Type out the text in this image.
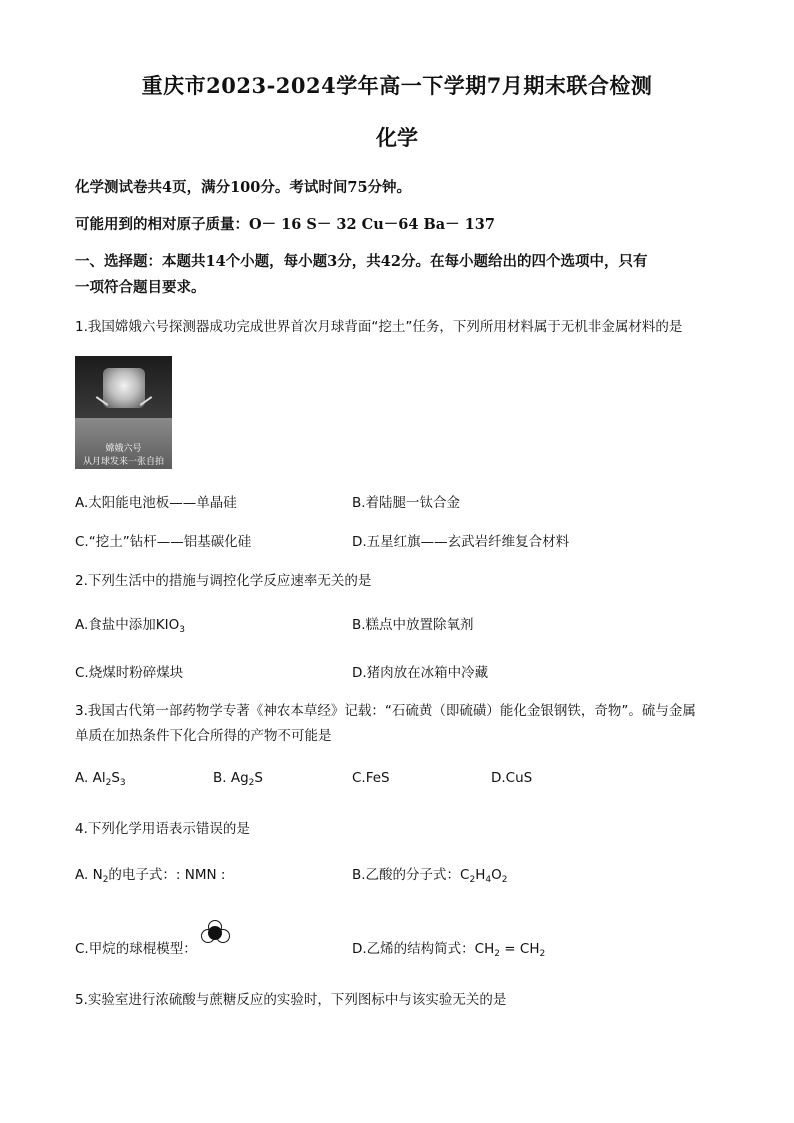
重庆市2023-2024学年高一下学期7月期末联合检测
化学
化学测试卷共4页，满分100分。考试时间75分钟。
可能用到的相对原子质量：O－ 16 S－ 32 Cu－64 Ba－ 137
一、选择题：本题共14个小题，每小题3分，共42分。在每小题给出的四个选项中，只有
一项符合题目要求。
1.我国嫦娥六号探测器成功完成世界首次月球背面“挖土”任务，下列所用材料属于无机非金属材料的是
嫦娥六号
从月球发来一张自拍
A.太阳能电池板——单晶硅	B.着陆腿一钛合金
C.“挖土”钻杆——铝基碳化硅	D.五星红旗——玄武岩纤维复合材料
2.下列生活中的措施与调控化学反应速率无关的是
A.食盐中添加$KIO_3$	B.糕点中放置除氧剂
C.烧煤时粉碎煤块	D.猪肉放在冰箱中冷藏
3.我国古代第一部药物学专著《神农本草经》记载：“石硫黄（即硫磺）能化金银钢铁，奇物”。硫与金属
单质在加热条件下化合所得的产物不可能是
A. $Al_2S_3$	B. $Ag_2S$	C.FeS	D.CuS
4.下列化学用语表示错误的是
A. $N_2$的电子式：: NMN :	B.乙酸的分子式：$C_2H_4O_2$
C.甲烷的球棍模型：	D.乙烯的结构简式：$CH_2 = CH_2$
5.实验室进行浓硫酸与蔗糖反应的实验时，下列图标中与该实验无关的是
